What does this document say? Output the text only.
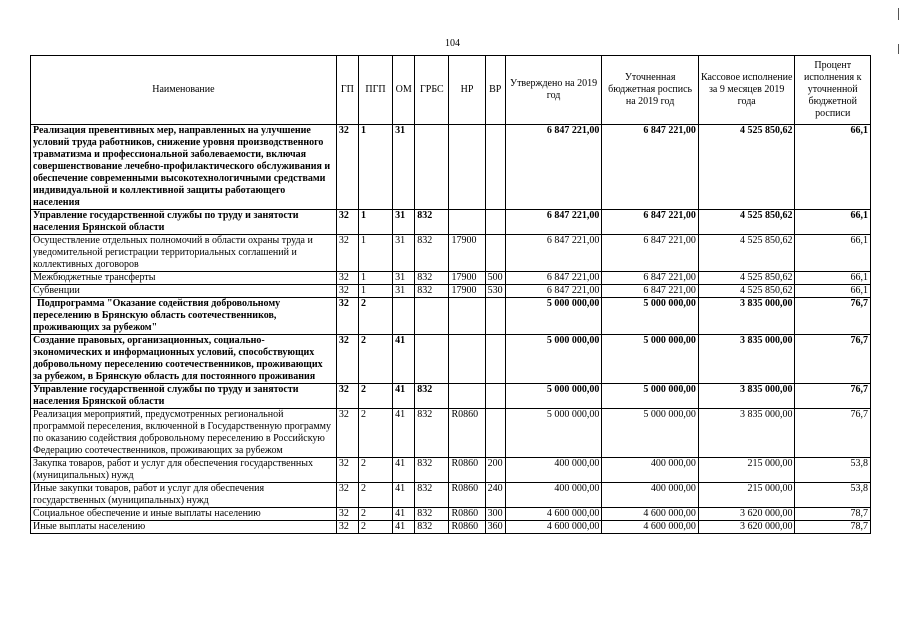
104
Наименование	ГП	ПГП	ОМ	ГРБС	НР	ВР	Утверждено на 2019 год	Уточненная бюджетная роспись на 2019 год	Кассовое исполнение за 9 месяцев 2019 года	Процент исполнения к уточненной бюджетной росписи
Реализация превентивных мер, направленных на улучшение условий труда работников, снижение уровня производственного травматизма и профессиональной заболеваемости, включая совершенствование лечебно-профилактического обслуживания и обеспечение современными высокотехнологичными средствами индивидуальной и коллективной защиты работающего населения	32	1	31				6 847 221,00	6 847 221,00	4 525 850,62	66,1
Управление государственной службы по труду и занятости населения Брянской области	32	1	31	832			6 847 221,00	6 847 221,00	4 525 850,62	66,1
Осуществление отдельных полномочий в области охраны труда и уведомительной регистрации территориальных соглашений и коллективных договоров	32	1	31	832	17900		6 847 221,00	6 847 221,00	4 525 850,62	66,1
Межбюджетные трансферты	32	1	31	832	17900	500	6 847 221,00	6 847 221,00	4 525 850,62	66,1
Субвенции	32	1	31	832	17900	530	6 847 221,00	6 847 221,00	4 525 850,62	66,1
Подпрограмма "Оказание содействия добровольному переселению в Брянскую область соотечественников, проживающих за рубежом"	32	2					5 000 000,00	5 000 000,00	3 835 000,00	76,7
Создание правовых, организационных, социально-экономических и информационных условий, способствующих добровольному переселению соотечественников, проживающих за рубежом, в Брянскую область для постоянного проживания	32	2	41				5 000 000,00	5 000 000,00	3 835 000,00	76,7
Управление государственной службы по труду и занятости населения Брянской области	32	2	41	832			5 000 000,00	5 000 000,00	3 835 000,00	76,7
Реализация мероприятий, предусмотренных региональной программой переселения, включенной в Государственную программу по оказанию содействия добровольному переселению в Российскую Федерацию соотечественников, проживающих за рубежом	32	2	41	832	R0860		5 000 000,00	5 000 000,00	3 835 000,00	76,7
Закупка товаров, работ и услуг для обеспечения государственных (муниципальных) нужд	32	2	41	832	R0860	200	400 000,00	400 000,00	215 000,00	53,8
Иные закупки товаров, работ и услуг для обеспечения государственных (муниципальных) нужд	32	2	41	832	R0860	240	400 000,00	400 000,00	215 000,00	53,8
Социальное обеспечение и иные выплаты населению	32	2	41	832	R0860	300	4 600 000,00	4 600 000,00	3 620 000,00	78,7
Иные выплаты населению	32	2	41	832	R0860	360	4 600 000,00	4 600 000,00	3 620 000,00	78,7
